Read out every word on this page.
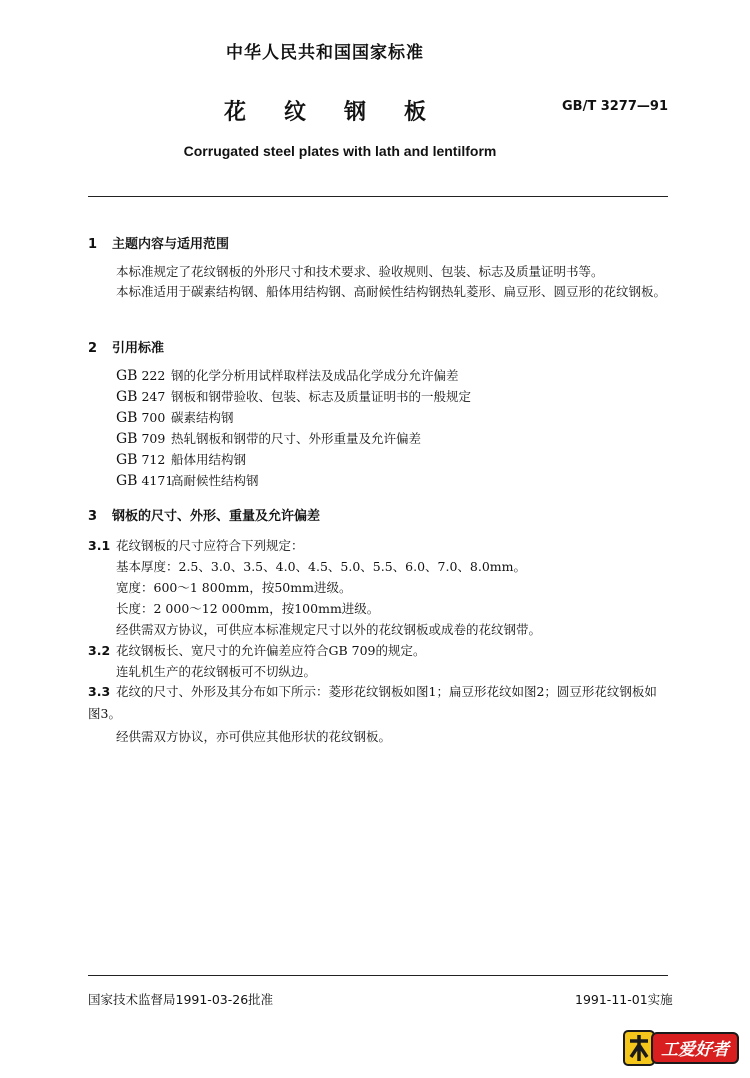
中华人民共和国国家标准
花纹钢板	GB/T 3277—91
Corrugated steel plates with lath and lentilform
1 主题内容与适用范围
本标准规定了花纹钢板的外形尺寸和技术要求、验收规则、包装、标志及质量证明书等。
本标准适用于碳素结构钢、船体用结构钢、高耐候性结构钢热轧菱形、扁豆形、圆豆形的花纹钢板。
2 引用标准
GB 222 钢的化学分析用试样取样法及成品化学成分允许偏差
GB 247 钢板和钢带验收、包装、标志及质量证明书的一般规定
GB 700 碳素结构钢
GB 709 热轧钢板和钢带的尺寸、外形重量及允许偏差
GB 712 船体用结构钢
GB 4171高耐候性结构钢
3 钢板的尺寸、外形、重量及允许偏差
3.1 花纹钢板的尺寸应符合下列规定：
基本厚度：2.5、3.0、3.5、4.0、4.5、5.0、5.5、6.0、7.0、8.0mm。
宽度：600～1 800mm，按50mm进级。
长度：2 000～12 000mm，按100mm进级。
经供需双方协议，可供应本标准规定尺寸以外的花纹钢板或成卷的花纹钢带。
3.2 花纹钢板长、宽尺寸的允许偏差应符合GB 709的规定。
连轧机生产的花纹钢板可不切纵边。
3.3 花纹的尺寸、外形及其分布如下所示：菱形花纹钢板如图1；扁豆形花纹如图2；圆豆形花纹钢板如图3。
经供需双方协议，亦可供应其他形状的花纹钢板。
国家技术监督局1991-03-26批准	1991-11-01实施
工爱好者
